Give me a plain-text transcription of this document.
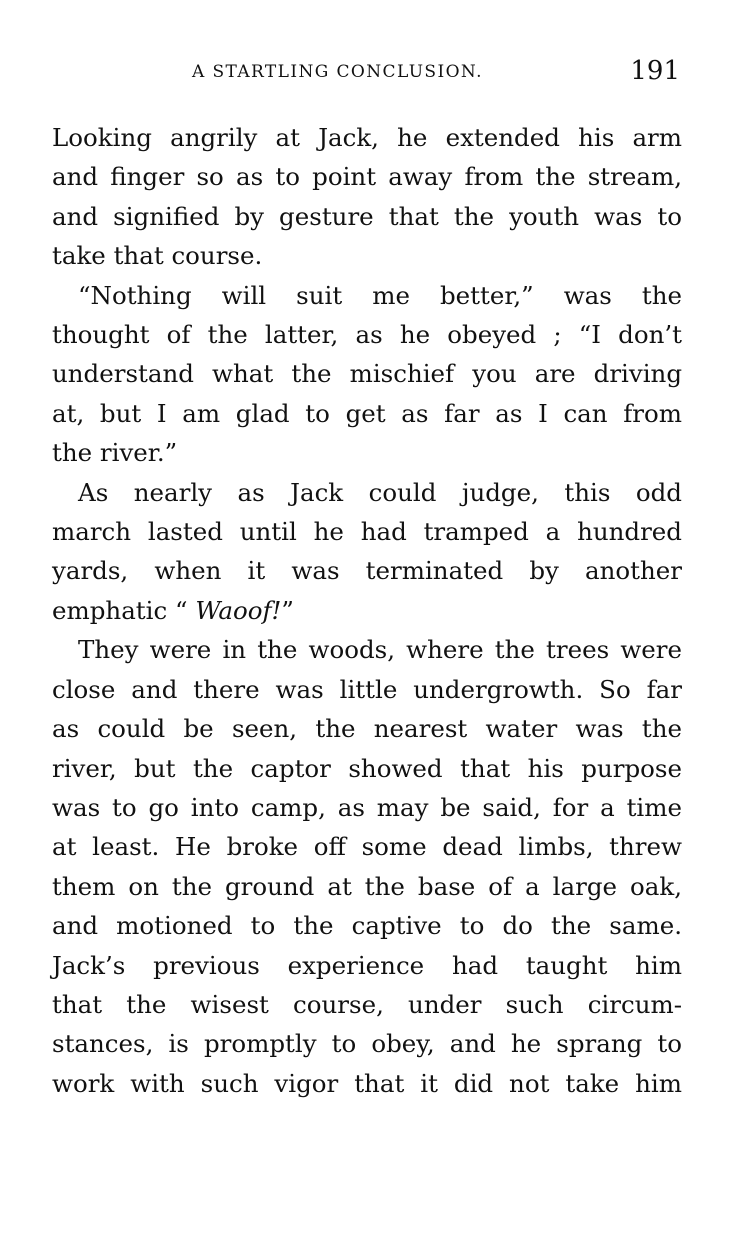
A STARTLING CONCLUSION.	191

Looking angrily at Jack, he extended his arm
and finger so as to point away from the stream,
and signified by gesture that the youth was to
take that course.

“Nothing will suit me better,” was the
thought of the latter, as he obeyed ; “I don’t
understand what the mischief you are driving
at, but I am glad to get as far as I can from
the river.”

As nearly as Jack could judge, this odd
march lasted until he had tramped a hundred
yards, when it was terminated by another
emphatic “ Waoof!”

They were in the woods, where the trees were
close and there was little undergrowth. So far
as could be seen, the nearest water was the
river, but the captor showed that his purpose
was to go into camp, as may be said, for a time
at least. He broke off some dead limbs, threw
them on the ground at the base of a large oak,
and motioned to the captive to do the same.
Jack’s previous experience had taught him
that the wisest course, under such circum-
stances, is promptly to obey, and he sprang to
work with such vigor that it did not take him
